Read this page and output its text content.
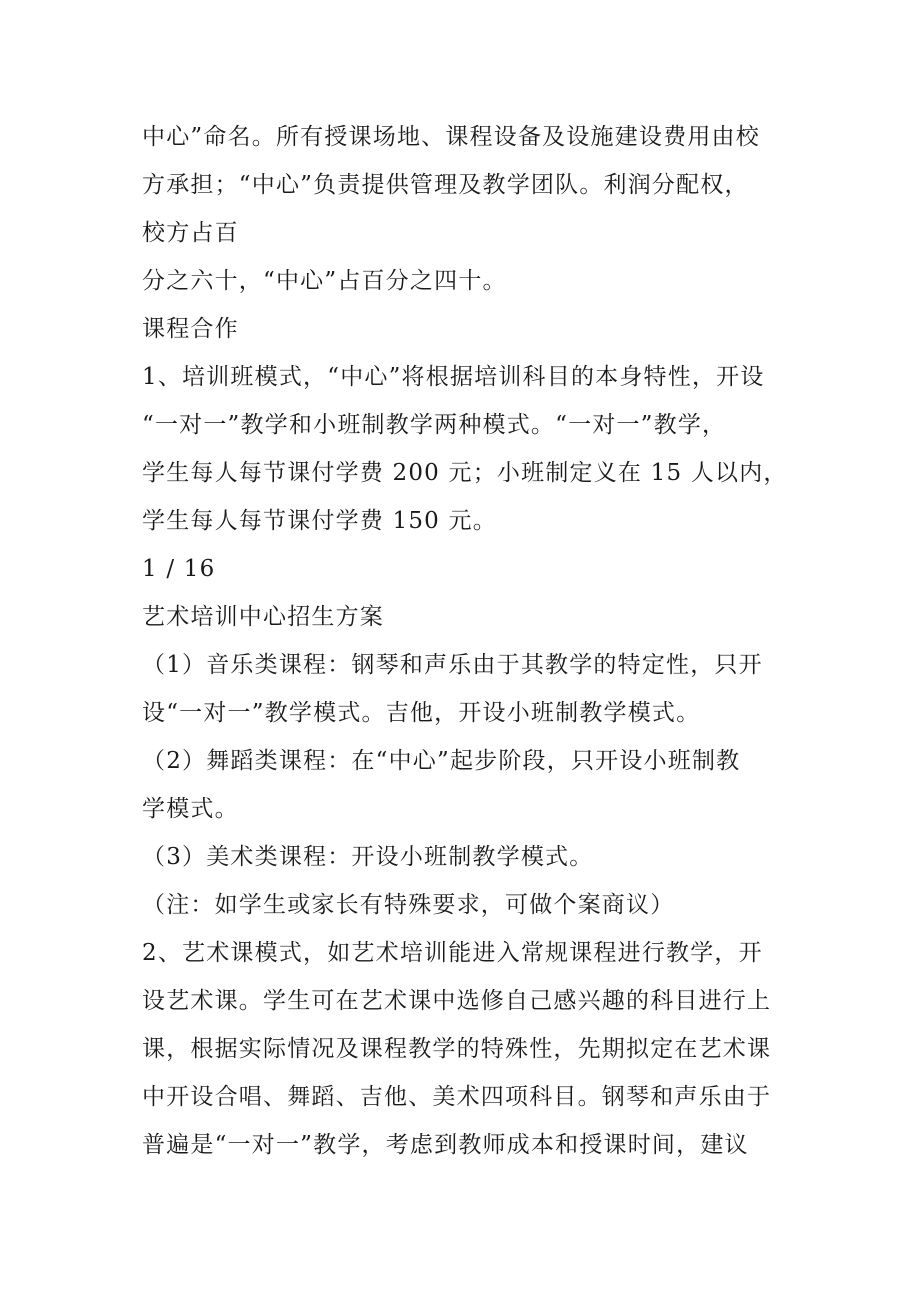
中心”命名。所有授课场地、课程设备及设施建设费用由校
方承担；“中心”负责提供管理及教学团队。利润分配权，
校方占百
分之六十，“中心”占百分之四十。
课程合作
1、培训班模式，“中心”将根据培训科目的本身特性，开设
“一对一”教学和小班制教学两种模式。“一对一”教学，
学生每人每节课付学费 200 元；小班制定义在 15 人以内，
学生每人每节课付学费 150 元。
1 / 16
艺术培训中心招生方案
（1）音乐类课程：钢琴和声乐由于其教学的特定性，只开
设“一对一”教学模式。吉他，开设小班制教学模式。
（2）舞蹈类课程：在“中心”起步阶段，只开设小班制教
学模式。
（3）美术类课程：开设小班制教学模式。
（注：如学生或家长有特殊要求，可做个案商议）
2、艺术课模式，如艺术培训能进入常规课程进行教学，开
设艺术课。学生可在艺术课中选修自己感兴趣的科目进行上
课，根据实际情况及课程教学的特殊性，先期拟定在艺术课
中开设合唱、舞蹈、吉他、美术四项科目。钢琴和声乐由于
普遍是“一对一”教学，考虑到教师成本和授课时间，建议
